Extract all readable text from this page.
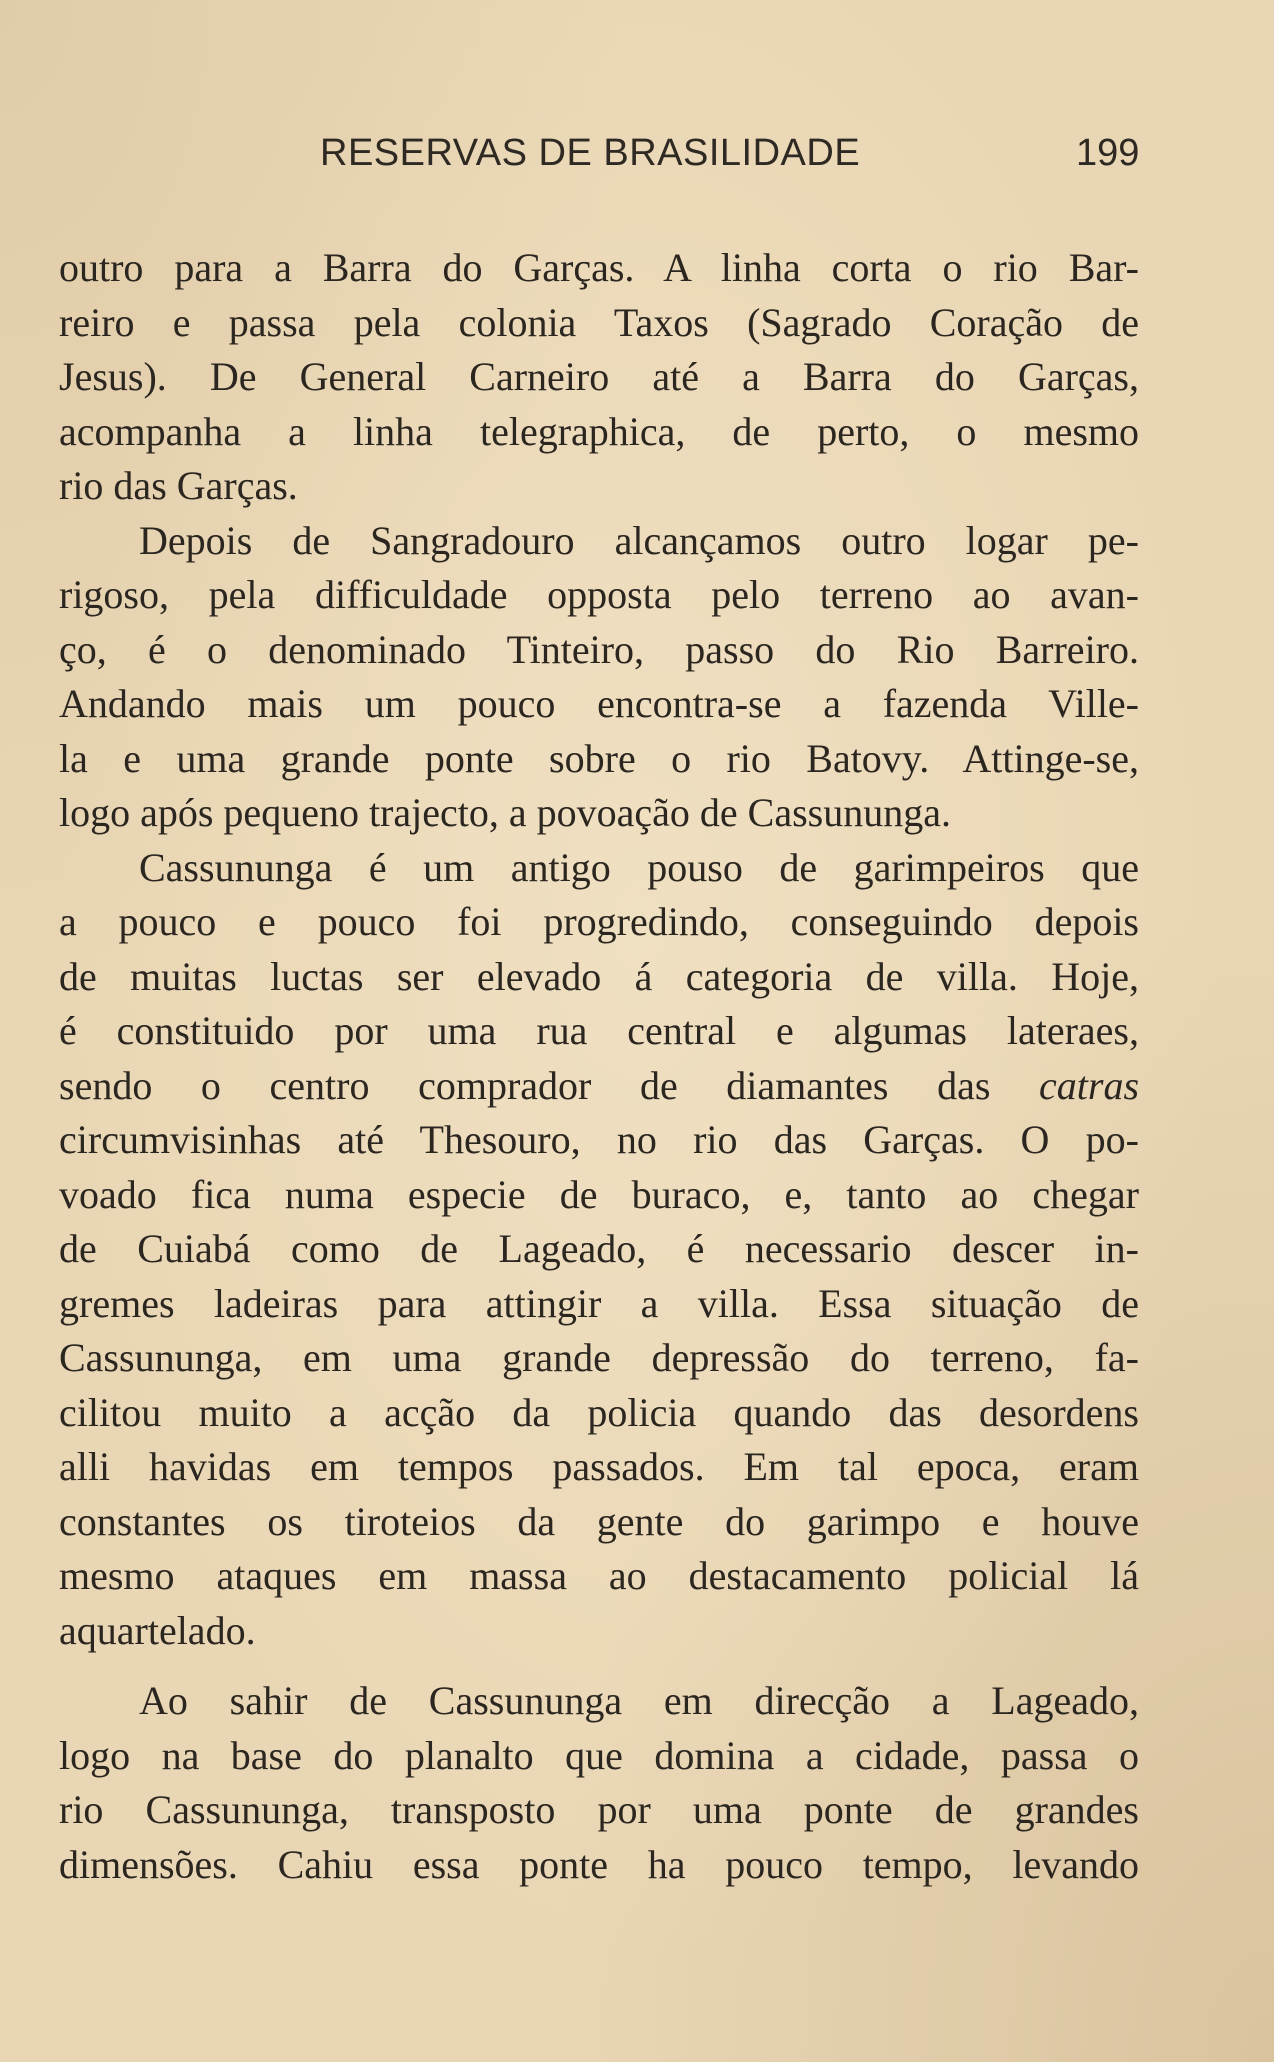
RESERVAS DE BRASILIDADE	199
outro para a Barra do Garças. A linha corta o rio Bar-
reiro e passa pela colonia Taxos (Sagrado Coração de
Jesus). De General Carneiro até a Barra do Garças,
acompanha a linha telegraphica, de perto, o mesmo
rio das Garças.
Depois de Sangradouro alcançamos outro logar pe-
rigoso, pela difficuldade opposta pelo terreno ao avan-
ço, é o denominado Tinteiro, passo do Rio Barreiro.
Andando mais um pouco encontra-se a fazenda Ville-
la e uma grande ponte sobre o rio Batovy. Attinge-se,
logo após pequeno trajecto, a povoação de Cassununga.
Cassununga é um antigo pouso de garimpeiros que
a pouco e pouco foi progredindo, conseguindo depois
de muitas luctas ser elevado á categoria de villa. Hoje,
é constituido por uma rua central e algumas lateraes,
sendo o centro comprador de diamantes das catras
circumvisinhas até Thesouro, no rio das Garças. O po-
voado fica numa especie de buraco, e, tanto ao chegar
de Cuiabá como de Lageado, é necessario descer in-
gremes ladeiras para attingir a villa. Essa situação de
Cassununga, em uma grande depressão do terreno, fa-
cilitou muito a acção da policia quando das desordens
alli havidas em tempos passados. Em tal epoca, eram
constantes os tiroteios da gente do garimpo e houve
mesmo ataques em massa ao destacamento policial lá
aquartelado.
Ao sahir de Cassununga em direcção a Lageado,
logo na base do planalto que domina a cidade, passa o
rio Cassununga, transposto por uma ponte de grandes
dimensões. Cahiu essa ponte ha pouco tempo, levando
